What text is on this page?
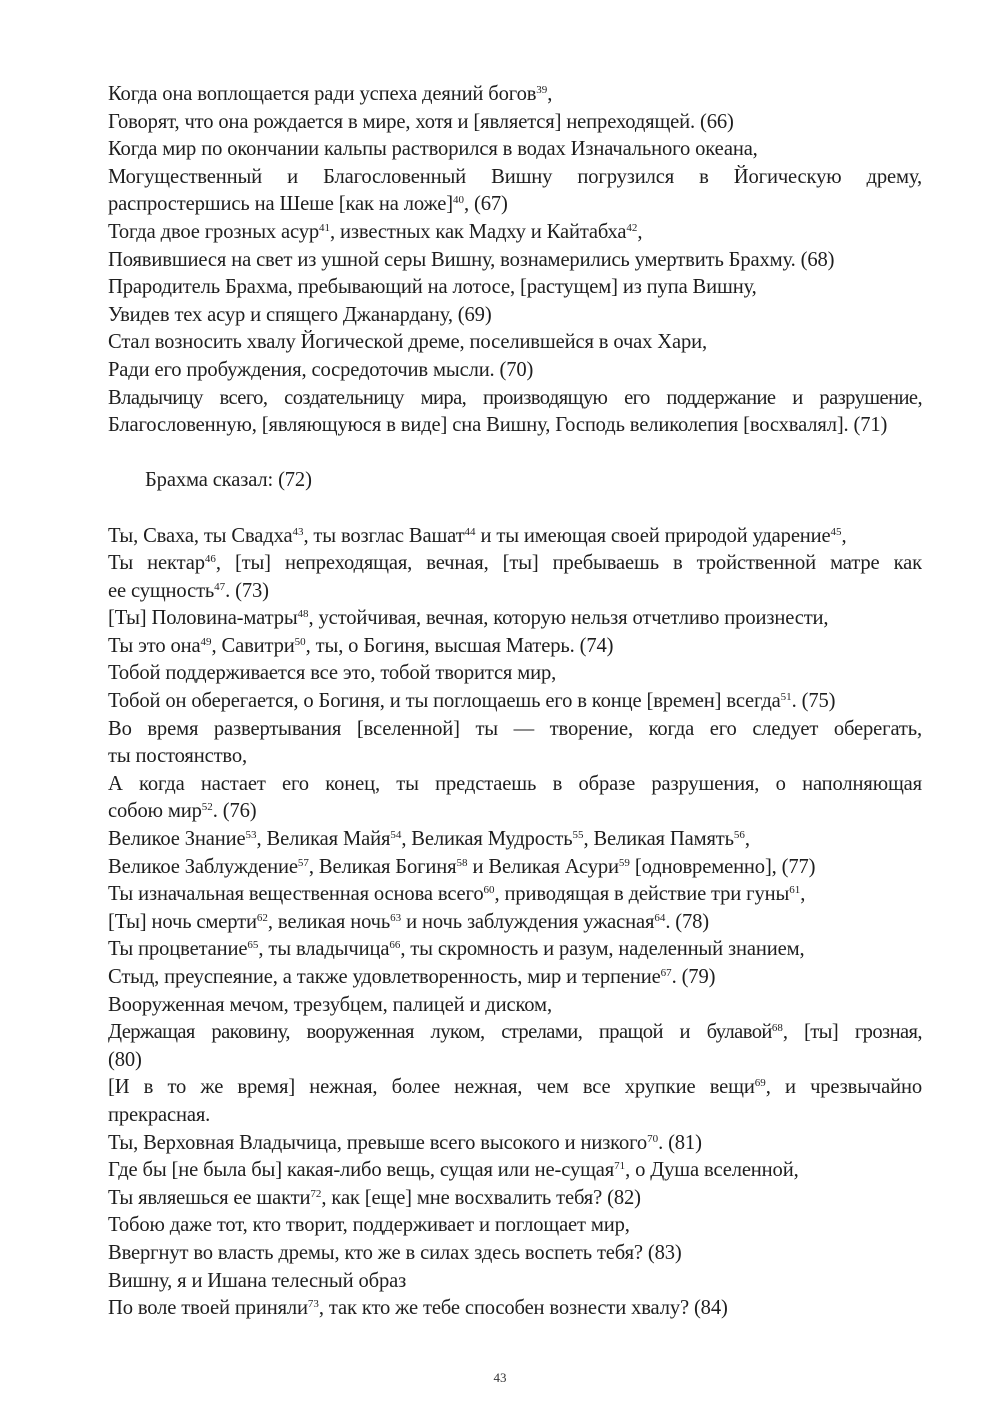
Когда она воплощается ради успеха деяний богов$^{39}$,
Говорят, что она рождается в мире, хотя и [является] непреходящей. (66)
Когда мир по окончании кальпы растворился в водах Изначального океана,
Могущественный и Благословенный Вишну погрузился в Йогическую дрему,
распростершись на Шеше [как на ложе]$^{40}$, (67)
Тогда двое грозных асур$^{41}$, известных как Мадху и Кайтабха$^{42}$,
Появившиеся на свет из ушной серы Вишну, вознамерились умертвить Брахму. (68)
Прародитель Брахма, пребывающий на лотосе, [растущем] из пупа Вишну,
Увидев тех асур и спящего Джанардану, (69)
Стал возносить хвалу Йогической дреме, поселившейся в очах Хари,
Ради его пробуждения, сосредоточив мысли. (70)
Владычицу всего, создательницу мира, производящую его поддержание и разрушение,
Благословенную, [являющуюся в виде] сна Вишну, Господь великолепия [восхвалял]. (71)
Брахма сказал: (72)
Ты, Сваха, ты Свадха$^{43}$, ты возглас Вашат$^{44}$ и ты имеющая своей природой ударение$^{45}$,
Ты нектар$^{46}$, [ты] непреходящая, вечная, [ты] пребываешь в тройственной матре как
ее сущность$^{47}$. (73)
[Ты] Половина-матры$^{48}$, устойчивая, вечная, которую нельзя отчетливо произнести,
Ты это она$^{49}$, Савитри$^{50}$, ты, о Богиня, высшая Матерь. (74)
Тобой поддерживается все это, тобой творится мир,
Тобой он оберегается, о Богиня, и ты поглощаешь его в конце [времен] всегда$^{51}$. (75)
Во время развертывания [вселенной] ты — творение, когда его следует оберегать,
ты постоянство,
А когда настает его конец, ты предстаешь в образе разрушения, о наполняющая
собою мир$^{52}$. (76)
Великое Знание$^{53}$, Великая Майя$^{54}$, Великая Мудрость$^{55}$, Великая Память$^{56}$,
Великое Заблуждение$^{57}$, Великая Богиня$^{58}$ и Великая Асури$^{59}$ [одновременно], (77)
Ты изначальная вещественная основа всего$^{60}$, приводящая в действие три гуны$^{61}$,
[Ты] ночь смерти$^{62}$, великая ночь$^{63}$ и ночь заблуждения ужасная$^{64}$. (78)
Ты процветание$^{65}$, ты владычица$^{66}$, ты скромность и разум, наделенный знанием,
Стыд, преуспеяние, а также удовлетворенность, мир и терпение$^{67}$. (79)
Вооруженная мечом, трезубцем, палицей и диском,
Держащая раковину, вооруженная луком, стрелами, пращой и булавой$^{68}$, [ты] грозная,
(80)
[И в то же время] нежная, более нежная, чем все хрупкие вещи$^{69}$, и чрезвычайно
прекрасная.
Ты, Верховная Владычица, превыше всего высокого и низкого$^{70}$. (81)
Где бы [не была бы] какая-либо вещь, сущая или не-сущая$^{71}$, о Душа вселенной,
Ты являешься ее шакти$^{72}$, как [еще] мне восхвалить тебя? (82)
Тобою даже тот, кто творит, поддерживает и поглощает мир,
Ввергнут во власть дремы, кто же в силах здесь воспеть тебя? (83)
Вишну, я и Ишана телесный образ
По воле твоей приняли$^{73}$, так кто же тебе способен вознести хвалу? (84)
43
